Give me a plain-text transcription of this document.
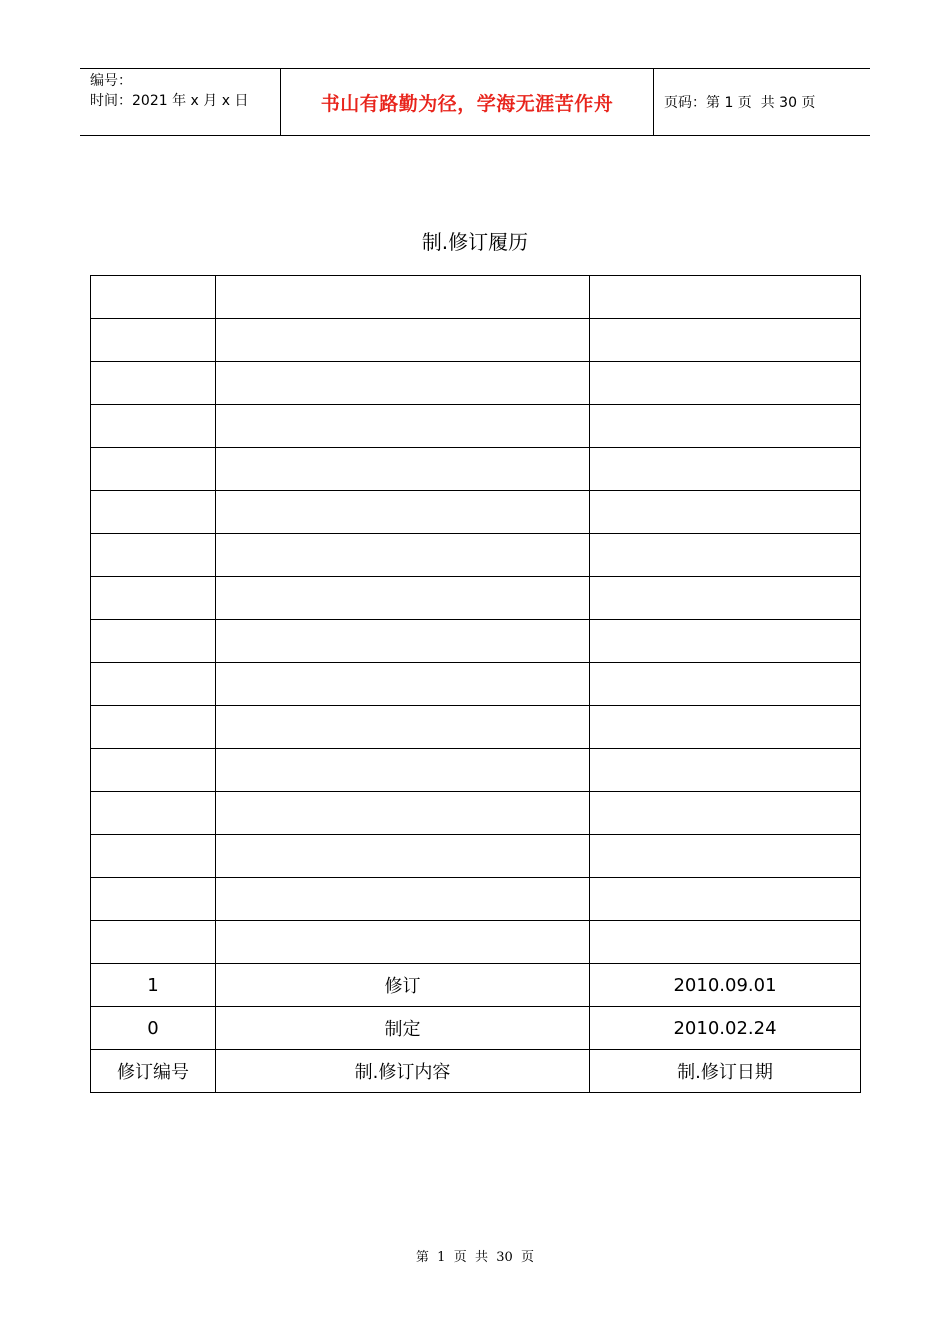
编号：
时间：2021 年 x 月 x 日	书山有路勤为径，学海无涯苦作舟	页码：第 1 页  共 30 页
制.修订履历

1	修订	2010.09.01
0	制定	2010.02.24
修订编号	制.修订内容	制.修订日期
第  1  页  共  30  页
